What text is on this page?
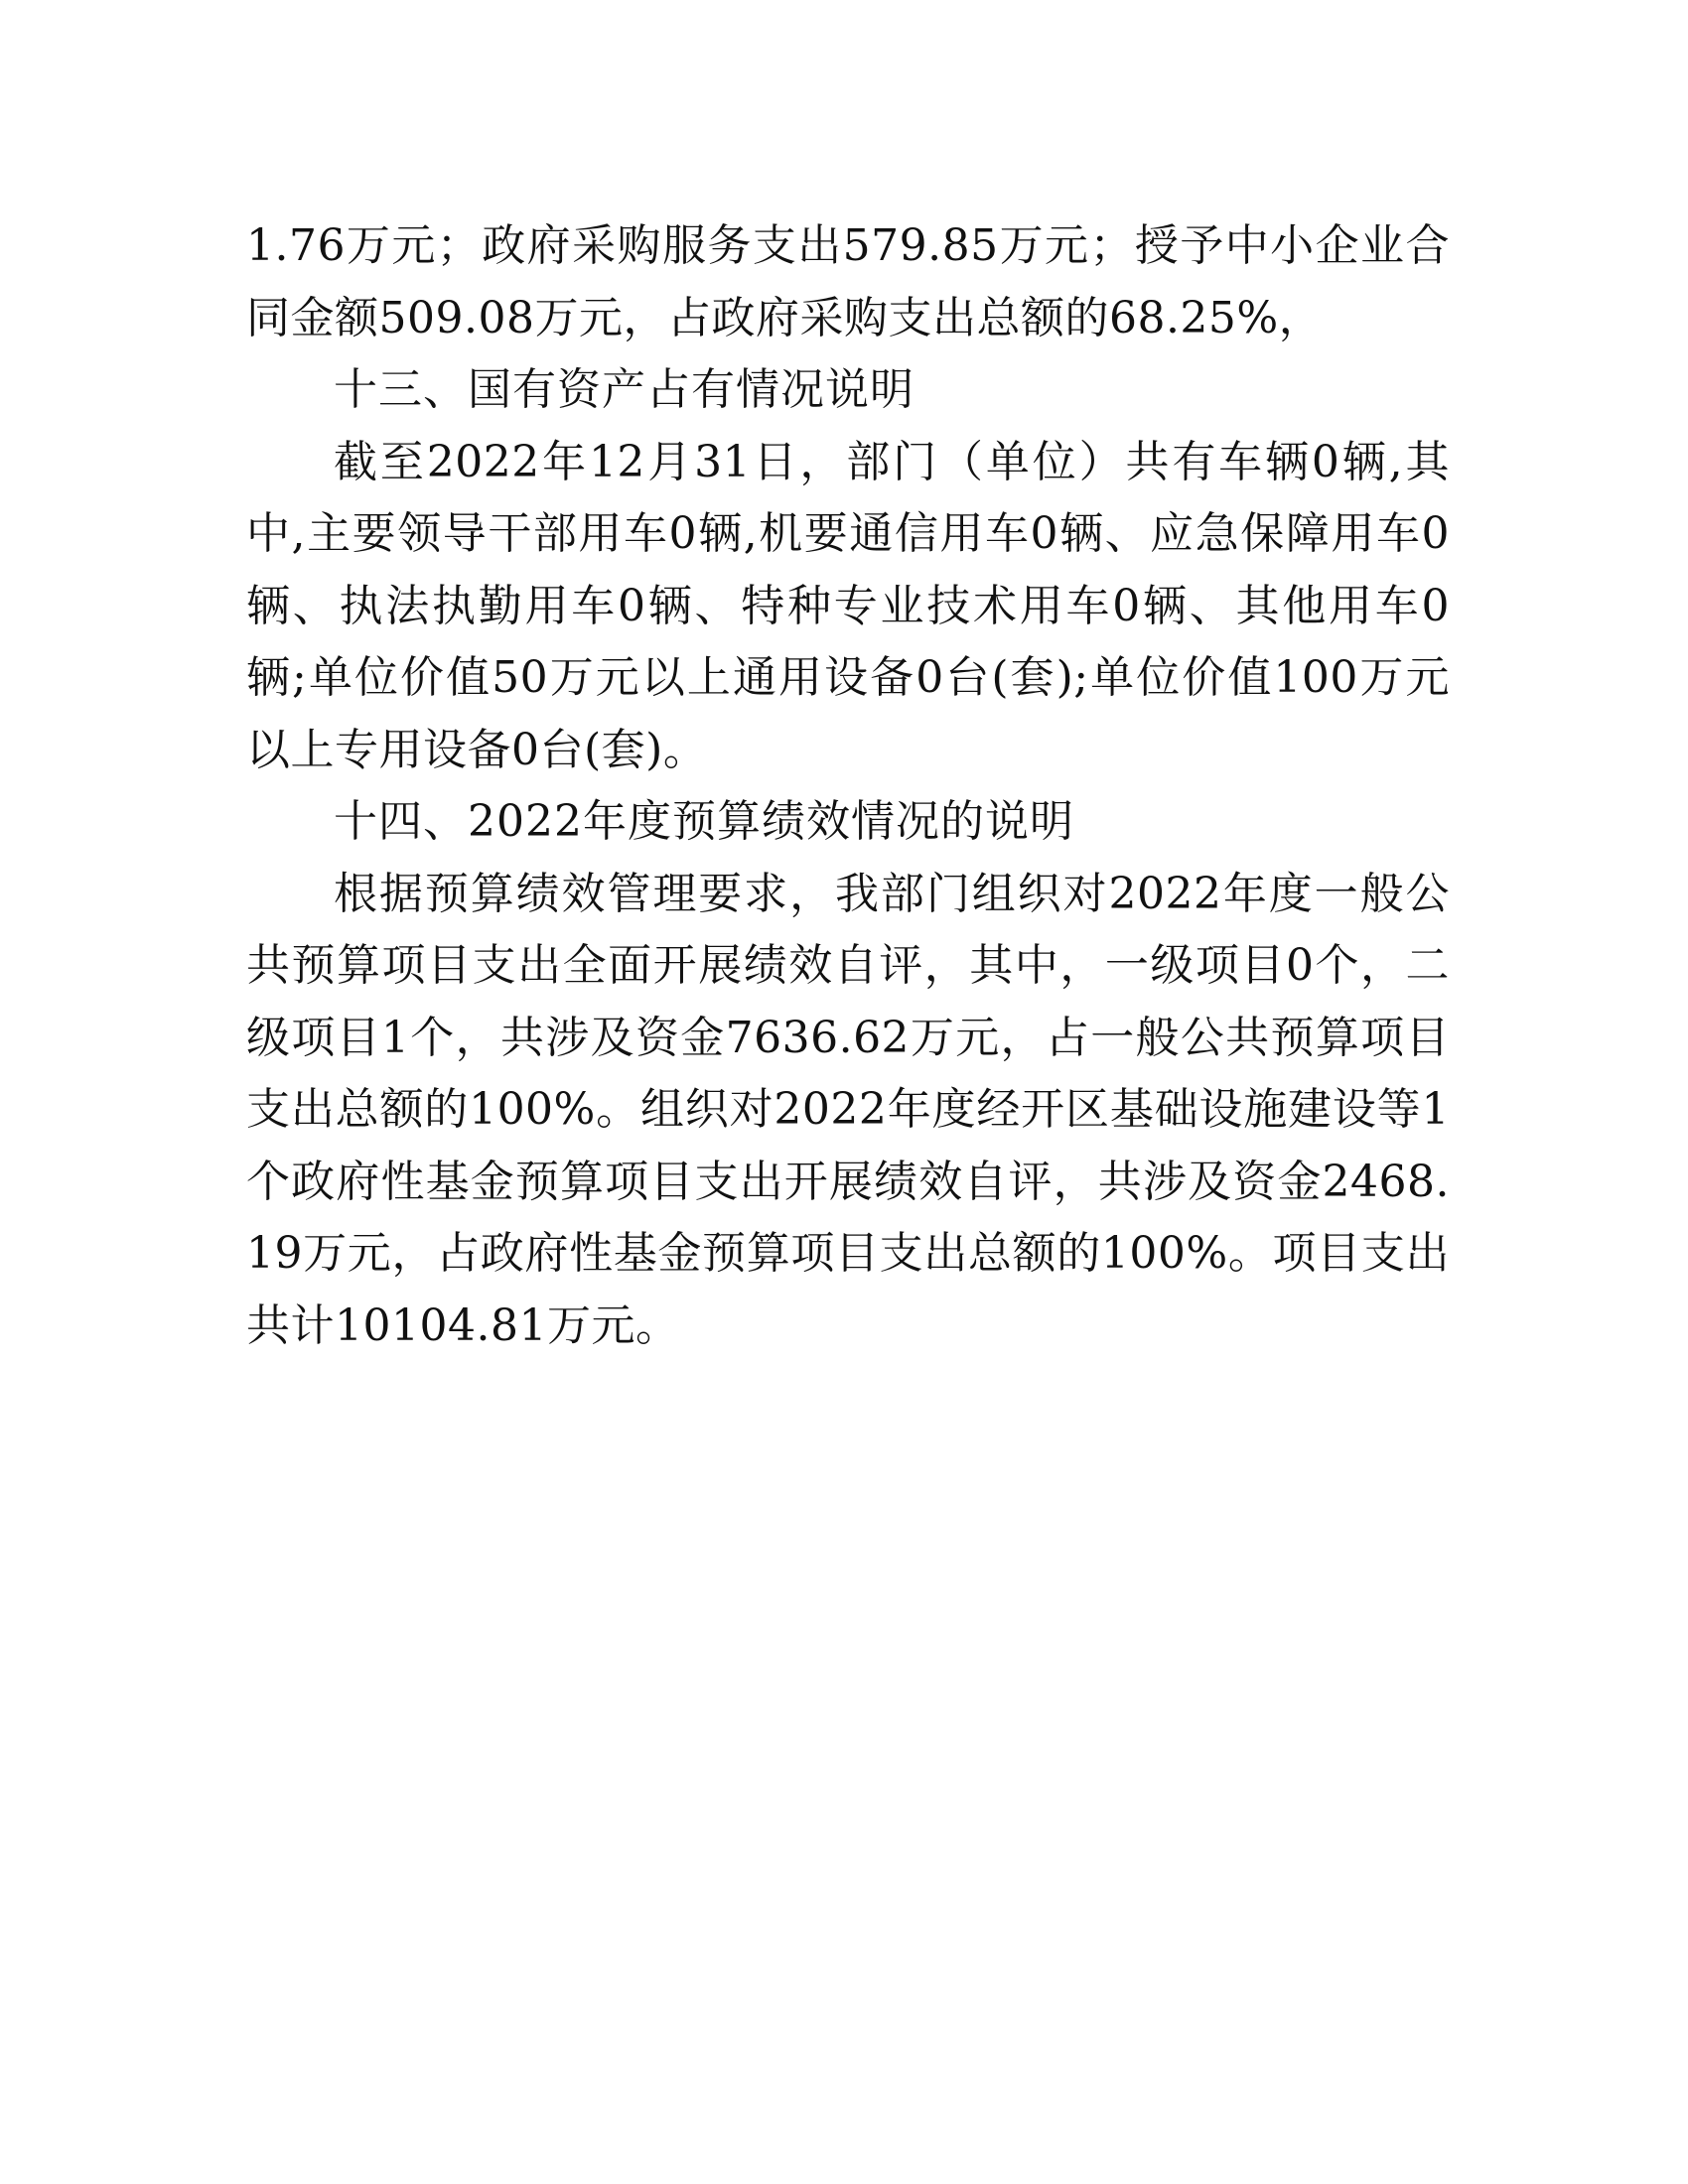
1.76万元；政府采购服务支出579.85万元；授予中小企业合同金额509.08万元，占政府采购支出总额的68.25%，

十三、国有资产占有情况说明

截至2022年12月31日，部门（单位）共有车辆0辆,其中,主要领导干部用车0辆,机要通信用车0辆、应急保障用车0辆、执法执勤用车0辆、特种专业技术用车0辆、其他用车0辆;单位价值50万元以上通用设备0台(套);单位价值100万元以上专用设备0台(套)。

十四、2022年度预算绩效情况的说明

根据预算绩效管理要求，我部门组织对2022年度一般公共预算项目支出全面开展绩效自评，其中，一级项目0个，二级项目1个，共涉及资金7636.62万元，占一般公共预算项目支出总额的100%。组织对2022年度经开区基础设施建设等1个政府性基金预算项目支出开展绩效自评，共涉及资金2468.19万元，占政府性基金预算项目支出总额的100%。项目支出共计10104.81万元。
